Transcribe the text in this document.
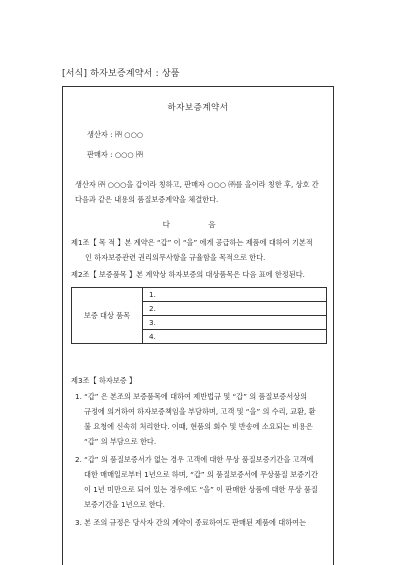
[서식] 하자보증계약서 : 상품
하자보증계약서
생산자 : ㈜ ○○○
판매자 : ○○○ ㈜
생산자 ㈜ ○○○을 갑이라 칭하고, 판매자 ○○○ ㈜를 을이라 칭한 후, 상호 간
다음과 같은 내용의 품질보증계약을 체결한다.
다 음
제1조【 목 적 】본 계약은 “갑” 이 “을” 에게 공급하는 제품에 대하여 기본적
인 하자보증관련 권리의무사항을 규율함을 목적으로 한다.
제2조【 보증품목 】본 계약상 하자보증의 대상품목은 다음 표에 한정된다.
보증 대상 품목	1.
2.
3.
4.
제3조【 하자보증 】
1. “갑” 은 본조의 보증품목에 대하여 제반법규 및 “갑” 의 품질보증서상의
규정에 의거하여 하자보증책임을 부담하며, 고객 및 “을” 의 수리, 교환, 환
불 요청에 신속히 처리한다. 이때, 현품의 회수 및 반송에 소요되는 비용은
“갑” 의 부담으로 한다.
2. “갑” 의 품질보증서가 없는 경우 고객에 대한 무상 품질보증기간을 고객에
대한 매매일로부터 1년으로 하며, “갑” 의 품질보증서에 무상품질 보증기간
이 1년 미만으로 되어 있는 경우에도 “을” 이 판매한 상품에 대한 무상 품질
보증기간을 1년으로 한다.
3. 본 조의 규정은 당사자 간의 계약이 종료하여도 판매된 제품에 대하여는
